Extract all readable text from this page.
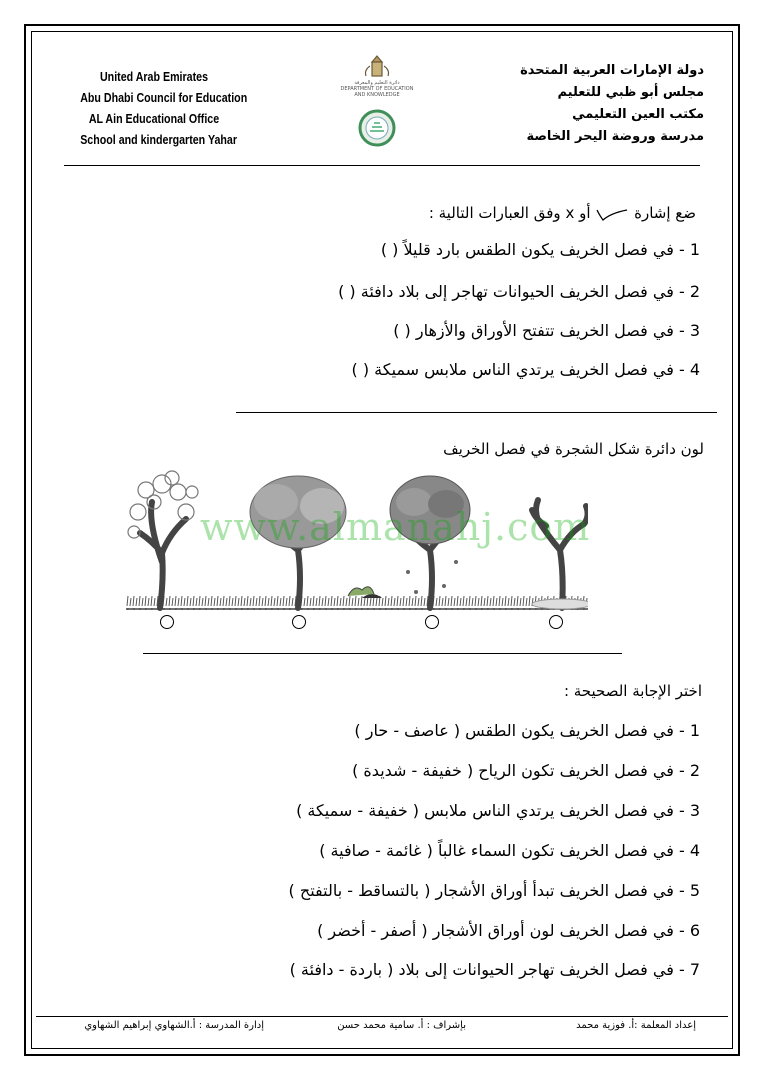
United Arab Emirates
Abu Dhabi Council for Education
AL Ain Educational Office
School and kindergarten Yahar
دائرة التعليم والمعرفة
DEPARTMENT OF EDUCATION
AND KNOWLEDGE
دولة الإمارات العربية المتحدة
مجلس أبو ظبي للتعليم
مكتب العين التعليمي
مدرسة وروضة اليحر الخاصة
ضع إشارة  أو x وفق العبارات التالية :
1 - في فصل الخريف يكون الطقس بارد قليلاً ( )
2 - في فصل الخريف الحيوانات تهاجر إلى بلاد دافئة ( )
3 - في فصل الخريف تتفتح الأوراق والأزهار ( )
4 - في فصل الخريف يرتدي الناس ملابس سميكة ( )
لون دائرة شكل الشجرة في فصل الخريف
www.almanahj.com
اختر الإجابة الصحيحة :
1 - في فصل الخريف يكون الطقس ( عاصف - حار )
2 - في فصل الخريف تكون الرياح ( خفيفة - شديدة )
3 - في فصل الخريف يرتدي الناس ملابس ( خفيفة - سميكة )
4 - في فصل الخريف تكون السماء غالباً ( غائمة - صافية )
5 - في فصل الخريف تبدأ أوراق الأشجار ( بالتساقط - بالتفتح )
6 - في فصل الخريف لون أوراق الأشجار ( أصفر - أخضر )
7 - في فصل الخريف تهاجر الحيوانات إلى بلاد ( باردة - دافئة )
إعداد المعلمة :أ. فوزية محمد
بإشراف : أ. سامية محمد حسن
إدارة المدرسة : أ.الشهاوي إبراهيم الشهاوي
